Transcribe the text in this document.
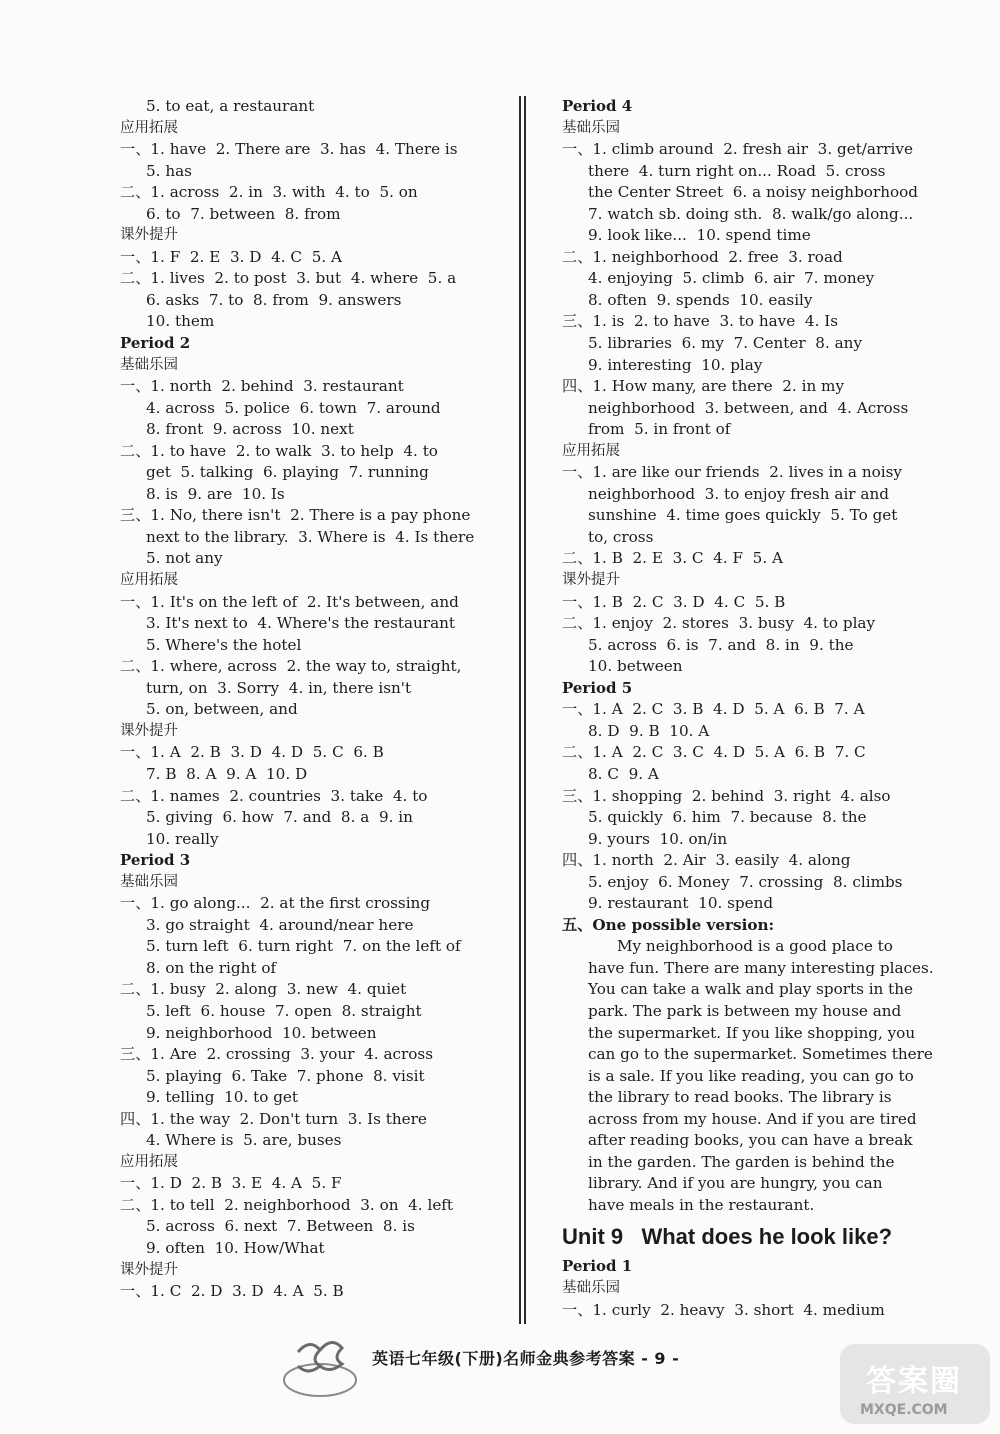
5. to eat, a restaurant
应用拓展
一、1. have  2. There are  3. has  4. There is
5. has
二、1. across  2. in  3. with  4. to  5. on
6. to  7. between  8. from
课外提升
一、1. F  2. E  3. D  4. C  5. A
二、1. lives  2. to post  3. but  4. where  5. a
6. asks  7. to  8. from  9. answers
10. them
Period 2
基础乐园
一、1. north  2. behind  3. restaurant
4. across  5. police  6. town  7. around
8. front  9. across  10. next
二、1. to have  2. to walk  3. to help  4. to
get  5. talking  6. playing  7. running
8. is  9. are  10. Is
三、1. No, there isn't  2. There is a pay phone
next to the library.  3. Where is  4. Is there
5. not any
应用拓展
一、1. It's on the left of  2. It's between, and
3. It's next to  4. Where's the restaurant
5. Where's the hotel
二、1. where, across  2. the way to, straight,
turn, on  3. Sorry  4. in, there isn't
5. on, between, and
课外提升
一、1. A  2. B  3. D  4. D  5. C  6. B
7. B  8. A  9. A  10. D
二、1. names  2. countries  3. take  4. to
5. giving  6. how  7. and  8. a  9. in
10. really
Period 3
基础乐园
一、1. go along...  2. at the first crossing
3. go straight  4. around/near here
5. turn left  6. turn right  7. on the left of
8. on the right of
二、1. busy  2. along  3. new  4. quiet
5. left  6. house  7. open  8. straight
9. neighborhood  10. between
三、1. Are  2. crossing  3. your  4. across
5. playing  6. Take  7. phone  8. visit
9. telling  10. to get
四、1. the way  2. Don't turn  3. Is there
4. Where is  5. are, buses
应用拓展
一、1. D  2. B  3. E  4. A  5. F
二、1. to tell  2. neighborhood  3. on  4. left
5. across  6. next  7. Between  8. is
9. often  10. How/What
课外提升
一、1. C  2. D  3. D  4. A  5. B
Period 4
基础乐园
一、1. climb around  2. fresh air  3. get/arrive
there  4. turn right on... Road  5. cross
the Center Street  6. a noisy neighborhood
7. watch sb. doing sth.  8. walk/go along...
9. look like...  10. spend time
二、1. neighborhood  2. free  3. road
4. enjoying  5. climb  6. air  7. money
8. often  9. spends  10. easily
三、1. is  2. to have  3. to have  4. Is
5. libraries  6. my  7. Center  8. any
9. interesting  10. play
四、1. How many, are there  2. in my
neighborhood  3. between, and  4. Across
from  5. in front of
应用拓展
一、1. are like our friends  2. lives in a noisy
neighborhood  3. to enjoy fresh air and
sunshine  4. time goes quickly  5. To get
to, cross
二、1. B  2. E  3. C  4. F  5. A
课外提升
一、1. B  2. C  3. D  4. C  5. B
二、1. enjoy  2. stores  3. busy  4. to play
5. across  6. is  7. and  8. in  9. the
10. between
Period 5
一、1. A  2. C  3. B  4. D  5. A  6. B  7. A
8. D  9. B  10. A
二、1. A  2. C  3. C  4. D  5. A  6. B  7. C
8. C  9. A
三、1. shopping  2. behind  3. right  4. also
5. quickly  6. him  7. because  8. the
9. yours  10. on/in
四、1. north  2. Air  3. easily  4. along
5. enjoy  6. Money  7. crossing  8. climbs
9. restaurant  10. spend
五、One possible version:
My neighborhood is a good place to
have fun. There are many interesting places.
You can take a walk and play sports in the
park. The park is between my house and
the supermarket. If you like shopping, you
can go to the supermarket. Sometimes there
is a sale. If you like reading, you can go to
the library to read books. The library is
across from my house. And if you are tired
after reading books, you can have a break
in the garden. The garden is behind the
library. And if you are hungry, you can
have meals in the restaurant.
Unit 9   What does he look like?
Period 1
基础乐园
一、1. curly  2. heavy  3. short  4. medium
英语七年级(下册)名师金典参考答案 - 9 -
答案圈
MXQE.COM
